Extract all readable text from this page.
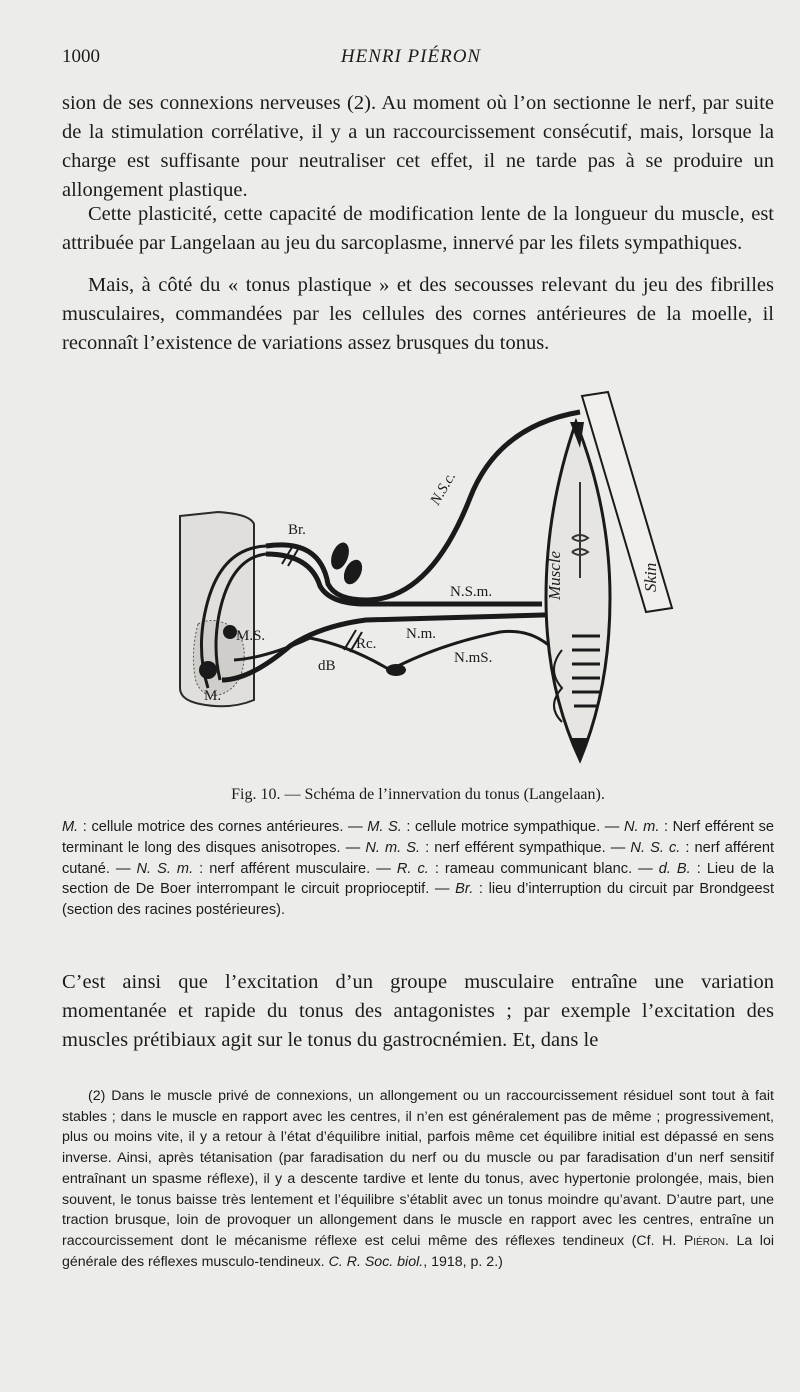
1000	HENRI PIÉRON

sion de ses connexions nerveuses (2). Au moment où l’on sectionne le nerf, par suite de la stimulation corrélative, il y a un raccourcissement consécutif, mais, lorsque la charge est suffisante pour neutraliser cet effet, il ne tarde pas à se produire un allongement plastique.

Cette plasticité, cette capacité de modification lente de la longueur du muscle, est attribuée par Langelaan au jeu du sarcoplasme, innervé par les filets sympathiques.

Mais, à côté du « tonus plastique » et des secousses relevant du jeu des fibrilles musculaires, commandées par les cellules des cornes antérieures de la moelle, il reconnaît l’existence de variations assez brusques du tonus.

N.S.c.
Br.
N.S.m.
N.m.
N.mS.
M.S.
M.
dB
Rc.
Muscle	Skin
Fig. 10. — Schéma de l’innervation du tonus (Langelaan).

M. : cellule motrice des cornes antérieures. — M. S. : cellule motrice sympathique. — N. m. : Nerf efférent se terminant le long des disques anisotropes. — N. m. S. : nerf efférent sympathique. — N. S. c. : nerf afférent cutané. — N. S. m. : nerf afférent musculaire. — R. c. : rameau communicant blanc. — d. B. : Lieu de la section de De Boer interrompant le circuit proprioceptif. — Br. : lieu d’interruption du circuit par Brondgeest (section des racines postérieures).

C’est ainsi que l’excitation d’un groupe musculaire entraîne une variation momentanée et rapide du tonus des antagonistes ; par exemple l’excitation des muscles prétibiaux agit sur le tonus du gastrocnémien. Et, dans le

(2) Dans le muscle privé de connexions, un allongement ou un raccourcissement résiduel sont tout à fait stables ; dans le muscle en rapport avec les centres, il n’en est généralement pas de même ; progressivement, plus ou moins vite, il y a retour à l’état d’équilibre initial, parfois même cet équilibre initial est dépassé en sens inverse. Ainsi, après tétanisation (par faradisation du nerf ou du muscle ou par faradisation d’un nerf sensitif entraînant un spasme réflexe), il y a descente tardive et lente du tonus, avec hypertonie prolongée, mais, bien souvent, le tonus baisse très lentement et l’équilibre s’établit avec un tonus moindre qu’avant. D’autre part, une traction brusque, loin de provoquer un allongement dans le muscle en rapport avec les centres, entraîne un raccourcissement dont le mécanisme réflexe est celui même des réflexes tendineux (Cf. H. Piéron. La loi générale des réflexes musculo-tendineux. C. R. Soc. biol., 1918, p. 2.)
